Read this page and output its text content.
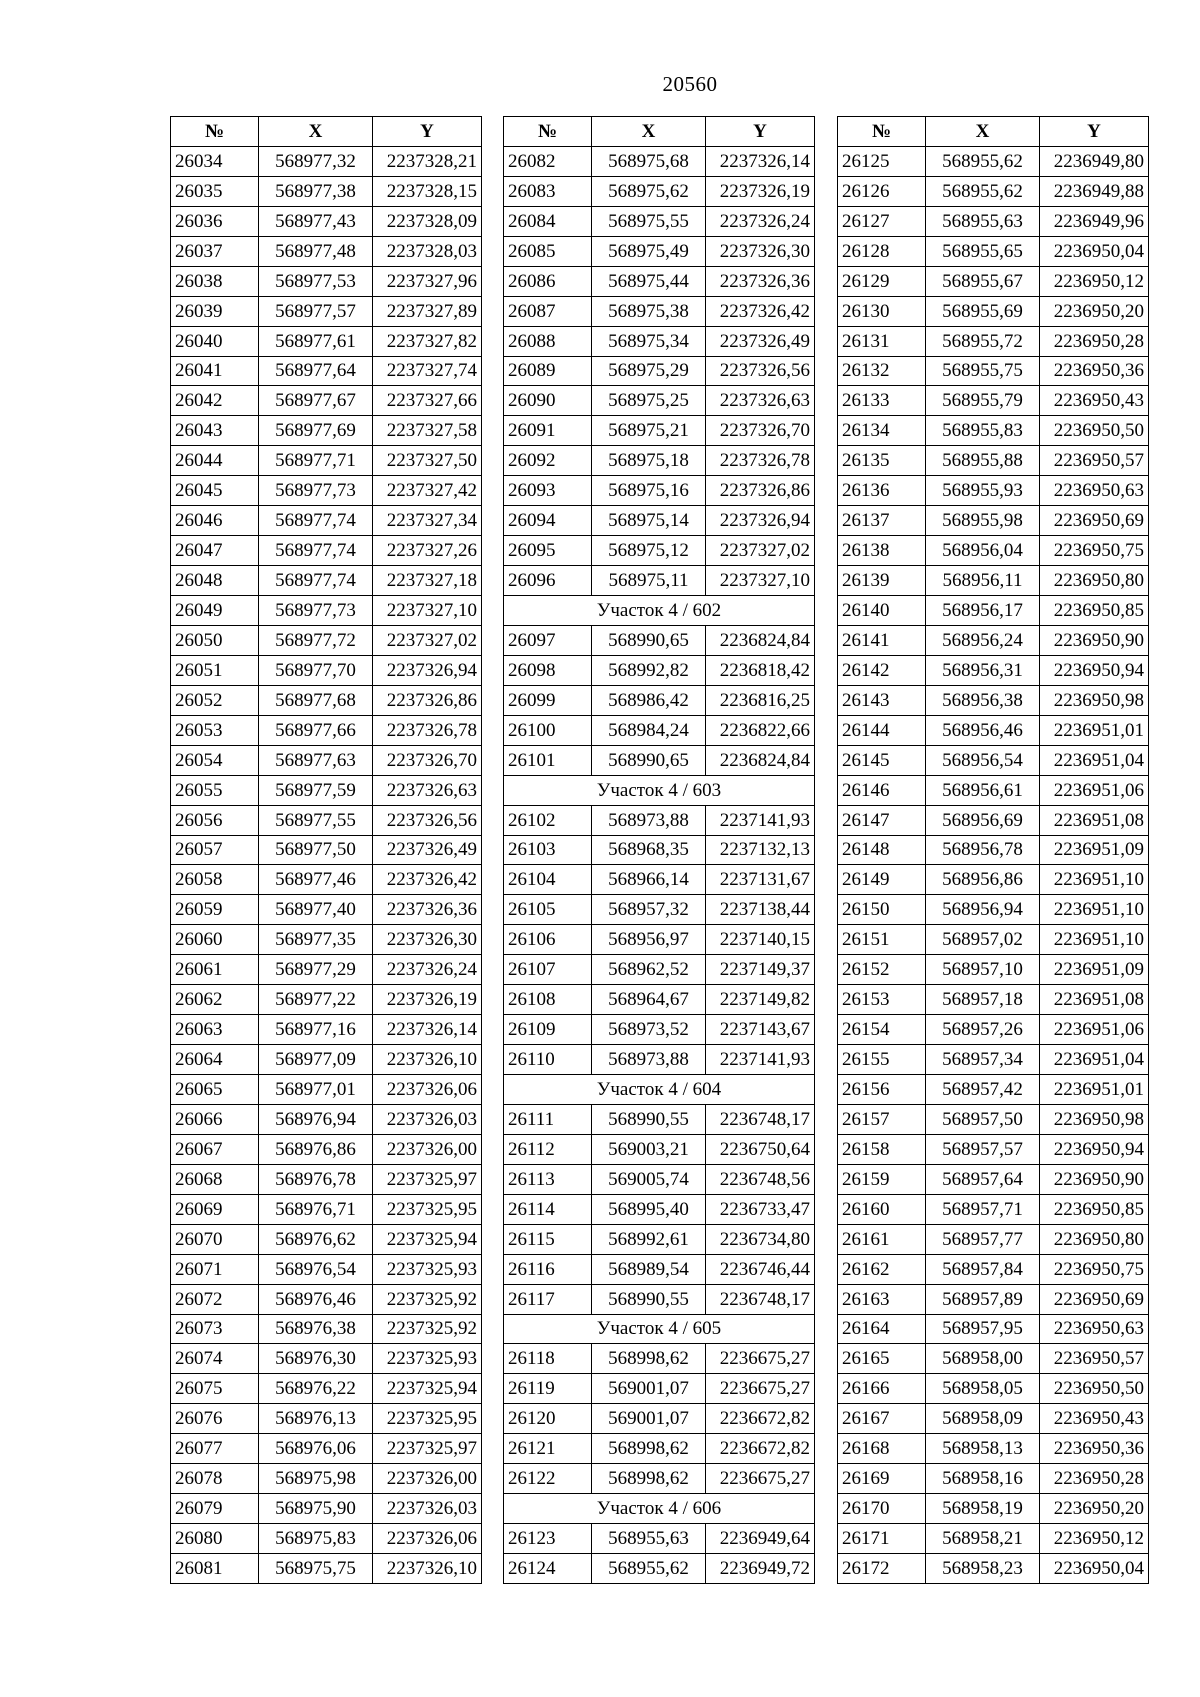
20560
№	X	Y
26034	568977,32	2237328,21
26035	568977,38	2237328,15
26036	568977,43	2237328,09
26037	568977,48	2237328,03
26038	568977,53	2237327,96
26039	568977,57	2237327,89
26040	568977,61	2237327,82
26041	568977,64	2237327,74
26042	568977,67	2237327,66
26043	568977,69	2237327,58
26044	568977,71	2237327,50
26045	568977,73	2237327,42
26046	568977,74	2237327,34
26047	568977,74	2237327,26
26048	568977,74	2237327,18
26049	568977,73	2237327,10
26050	568977,72	2237327,02
26051	568977,70	2237326,94
26052	568977,68	2237326,86
26053	568977,66	2237326,78
26054	568977,63	2237326,70
26055	568977,59	2237326,63
26056	568977,55	2237326,56
26057	568977,50	2237326,49
26058	568977,46	2237326,42
26059	568977,40	2237326,36
26060	568977,35	2237326,30
26061	568977,29	2237326,24
26062	568977,22	2237326,19
26063	568977,16	2237326,14
26064	568977,09	2237326,10
26065	568977,01	2237326,06
26066	568976,94	2237326,03
26067	568976,86	2237326,00
26068	568976,78	2237325,97
26069	568976,71	2237325,95
26070	568976,62	2237325,94
26071	568976,54	2237325,93
26072	568976,46	2237325,92
26073	568976,38	2237325,92
26074	568976,30	2237325,93
26075	568976,22	2237325,94
26076	568976,13	2237325,95
26077	568976,06	2237325,97
26078	568975,98	2237326,00
26079	568975,90	2237326,03
26080	568975,83	2237326,06
26081	568975,75	2237326,10
№	X	Y
26082	568975,68	2237326,14
26083	568975,62	2237326,19
26084	568975,55	2237326,24
26085	568975,49	2237326,30
26086	568975,44	2237326,36
26087	568975,38	2237326,42
26088	568975,34	2237326,49
26089	568975,29	2237326,56
26090	568975,25	2237326,63
26091	568975,21	2237326,70
26092	568975,18	2237326,78
26093	568975,16	2237326,86
26094	568975,14	2237326,94
26095	568975,12	2237327,02
26096	568975,11	2237327,10
Участок 4 / 602		
26097	568990,65	2236824,84
26098	568992,82	2236818,42
26099	568986,42	2236816,25
26100	568984,24	2236822,66
26101	568990,65	2236824,84
Участок 4 / 603		
26102	568973,88	2237141,93
26103	568968,35	2237132,13
26104	568966,14	2237131,67
26105	568957,32	2237138,44
26106	568956,97	2237140,15
26107	568962,52	2237149,37
26108	568964,67	2237149,82
26109	568973,52	2237143,67
26110	568973,88	2237141,93
Участок 4 / 604		
26111	568990,55	2236748,17
26112	569003,21	2236750,64
26113	569005,74	2236748,56
26114	568995,40	2236733,47
26115	568992,61	2236734,80
26116	568989,54	2236746,44
26117	568990,55	2236748,17
Участок 4 / 605		
26118	568998,62	2236675,27
26119	569001,07	2236675,27
26120	569001,07	2236672,82
26121	568998,62	2236672,82
26122	568998,62	2236675,27
Участок 4 / 606		
26123	568955,63	2236949,64
26124	568955,62	2236949,72
№	X	Y
26125	568955,62	2236949,80
26126	568955,62	2236949,88
26127	568955,63	2236949,96
26128	568955,65	2236950,04
26129	568955,67	2236950,12
26130	568955,69	2236950,20
26131	568955,72	2236950,28
26132	568955,75	2236950,36
26133	568955,79	2236950,43
26134	568955,83	2236950,50
26135	568955,88	2236950,57
26136	568955,93	2236950,63
26137	568955,98	2236950,69
26138	568956,04	2236950,75
26139	568956,11	2236950,80
26140	568956,17	2236950,85
26141	568956,24	2236950,90
26142	568956,31	2236950,94
26143	568956,38	2236950,98
26144	568956,46	2236951,01
26145	568956,54	2236951,04
26146	568956,61	2236951,06
26147	568956,69	2236951,08
26148	568956,78	2236951,09
26149	568956,86	2236951,10
26150	568956,94	2236951,10
26151	568957,02	2236951,10
26152	568957,10	2236951,09
26153	568957,18	2236951,08
26154	568957,26	2236951,06
26155	568957,34	2236951,04
26156	568957,42	2236951,01
26157	568957,50	2236950,98
26158	568957,57	2236950,94
26159	568957,64	2236950,90
26160	568957,71	2236950,85
26161	568957,77	2236950,80
26162	568957,84	2236950,75
26163	568957,89	2236950,69
26164	568957,95	2236950,63
26165	568958,00	2236950,57
26166	568958,05	2236950,50
26167	568958,09	2236950,43
26168	568958,13	2236950,36
26169	568958,16	2236950,28
26170	568958,19	2236950,20
26171	568958,21	2236950,12
26172	568958,23	2236950,04
